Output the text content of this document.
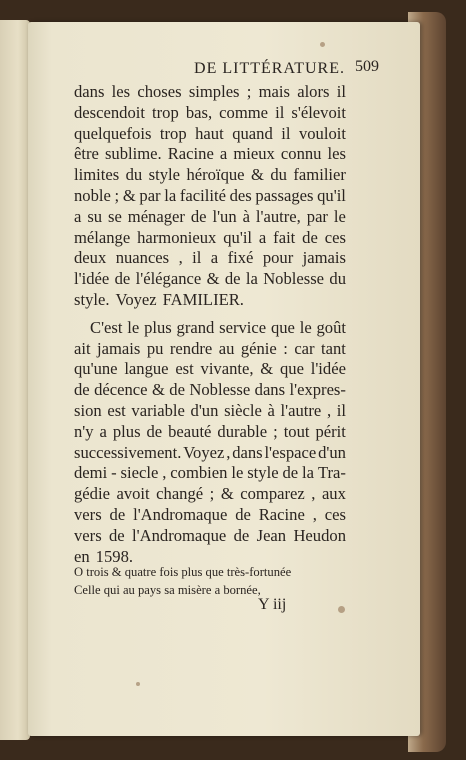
DE LITTÉRATURE. 509
dans les choses simples ; mais alors il
descendoit trop bas, comme il s'élevoit
quelquefois trop haut quand il vouloit
être sublime. Racine a mieux connu les
limites du style héroïque & du familier
noble ; & par la facilité des passages qu'il
a su se ménager de l'un à l'autre, par le
mélange harmonieux qu'il a fait de ces
deux nuances , il a fixé pour jamais
l'idée de l'élégance & de la Noblesse du
style. Voyez FAMILIER.
C'est le plus grand service que le goût
ait jamais pu rendre au génie : car tant
qu'une langue est vivante, & que l'idée
de décence & de Noblesse dans l'expres-
sion est variable d'un siècle à l'autre , il
n'y a plus de beauté durable ; tout périt
successivement. Voyez , dans l'espace d'un
demi - siecle , combien le style de la Tra-
gédie avoit changé ; & comparez , aux
vers de l'Andromaque de Racine , ces
vers de l'Andromaque de Jean Heudon
en 1598.
O trois & quatre fois plus que très-fortunée
Celle qui au pays sa misère a bornée,
Y iij
